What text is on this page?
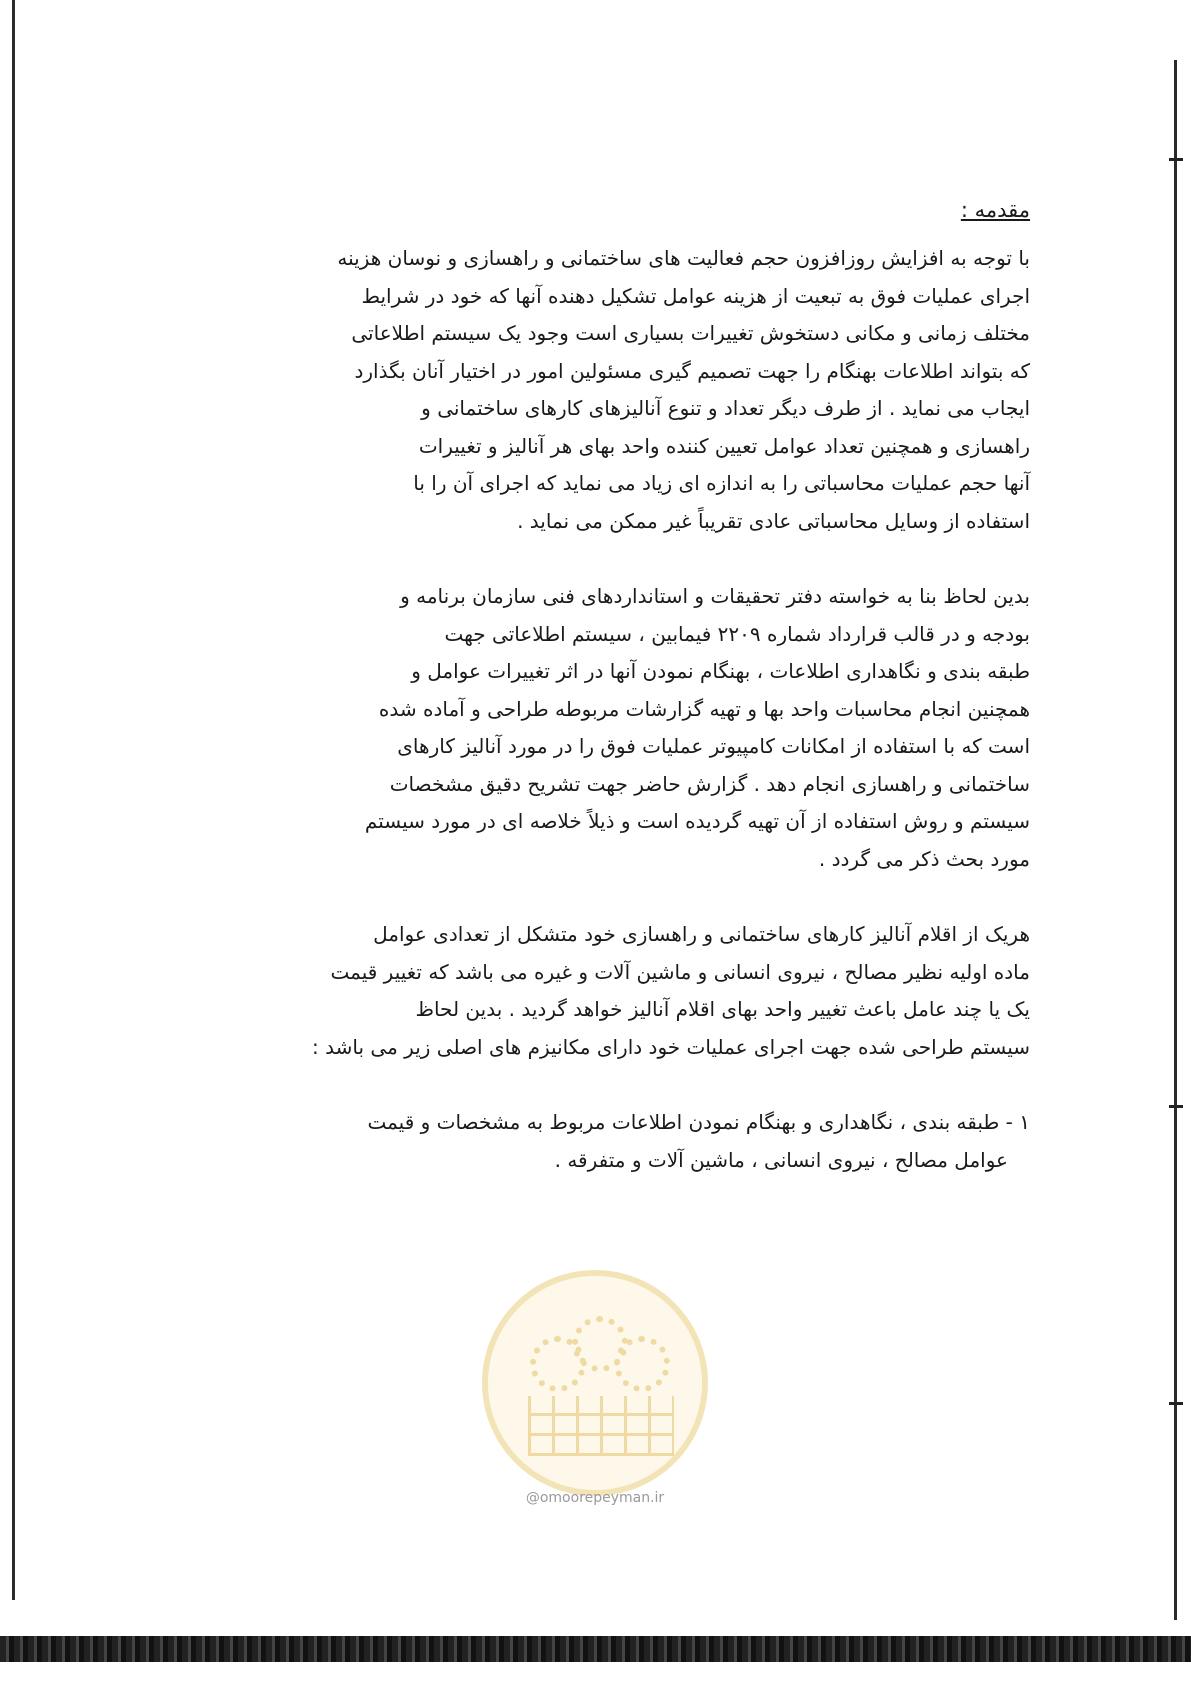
مقدمه :

با توجه به افزایش روزافزون حجم فعالیت های ساختمانی و راهسازی و نوسان هزینه

اجرای عملیات فوق به تبعیت از هزینه عوامل تشکیل دهنده آنها که خود در شرایط

مختلف زمانی و مکانی دستخوش تغییرات بسیاری است وجود یک سیستم اطلاعاتی

که بتواند اطلاعات بهنگام را جهت تصمیم گیری مسئولین امور در اختیار آنان بگذارد

ایجاب می نماید . از طرف دیگر تعداد و تنوع آنالیزهای کارهای ساختمانی و

راهسازی و همچنین تعداد عوامل تعیین کننده واحد بهای هر آنالیز و تغییرات

آنها حجم عملیات محاسباتی را به اندازه ای زیاد می نماید که اجرای آن را با

استفاده از وسایل محاسباتی عادی تقریباً غیر ممکن می نماید .

بدین لحاظ بنا به خواسته دفتر تحقیقات و استانداردهای فنی سازمان برنامه و

بودجه و در قالب قرارداد شماره ۲۲۰۹ فیمابین ، سیستم اطلاعاتی جهت

طبقه بندی و نگاهداری اطلاعات ، بهنگام نمودن آنها در اثر تغییرات عوامل و

همچنین انجام محاسبات واحد بها و تهیه گزارشات مربوطه طراحی و آماده شده

است که با استفاده از امکانات کامپیوتر عملیات فوق را در مورد آنالیز کارهای

ساختمانی و راهسازی انجام دهد . گزارش حاضر جهت تشریح دقیق مشخصات

سیستم و روش استفاده از آن تهیه گردیده است و ذیلاً خلاصه ای در مورد سیستم

مورد بحث ذکر می گردد .

هریک از اقلام آنالیز کارهای ساختمانی و راهسازی خود متشکل از تعدادی عوامل

ماده اولیه نظیر مصالح ، نیروی انسانی و ماشین آلات و غیره می باشد که تغییر قیمت

یک یا چند عامل باعث تغییر واحد بهای اقلام آنالیز خواهد گردید . بدین لحاظ

سیستم طراحی شده جهت اجرای عملیات خود دارای مکانیزم های اصلی زیر می باشد :

۱ - طبقه بندی ، نگاهداری و بهنگام نمودن اطلاعات مربوط به مشخصات و قیمت

عوامل مصالح ، نیروی انسانی ، ماشین آلات و متفرقه .

@omoorepeyman.ir
